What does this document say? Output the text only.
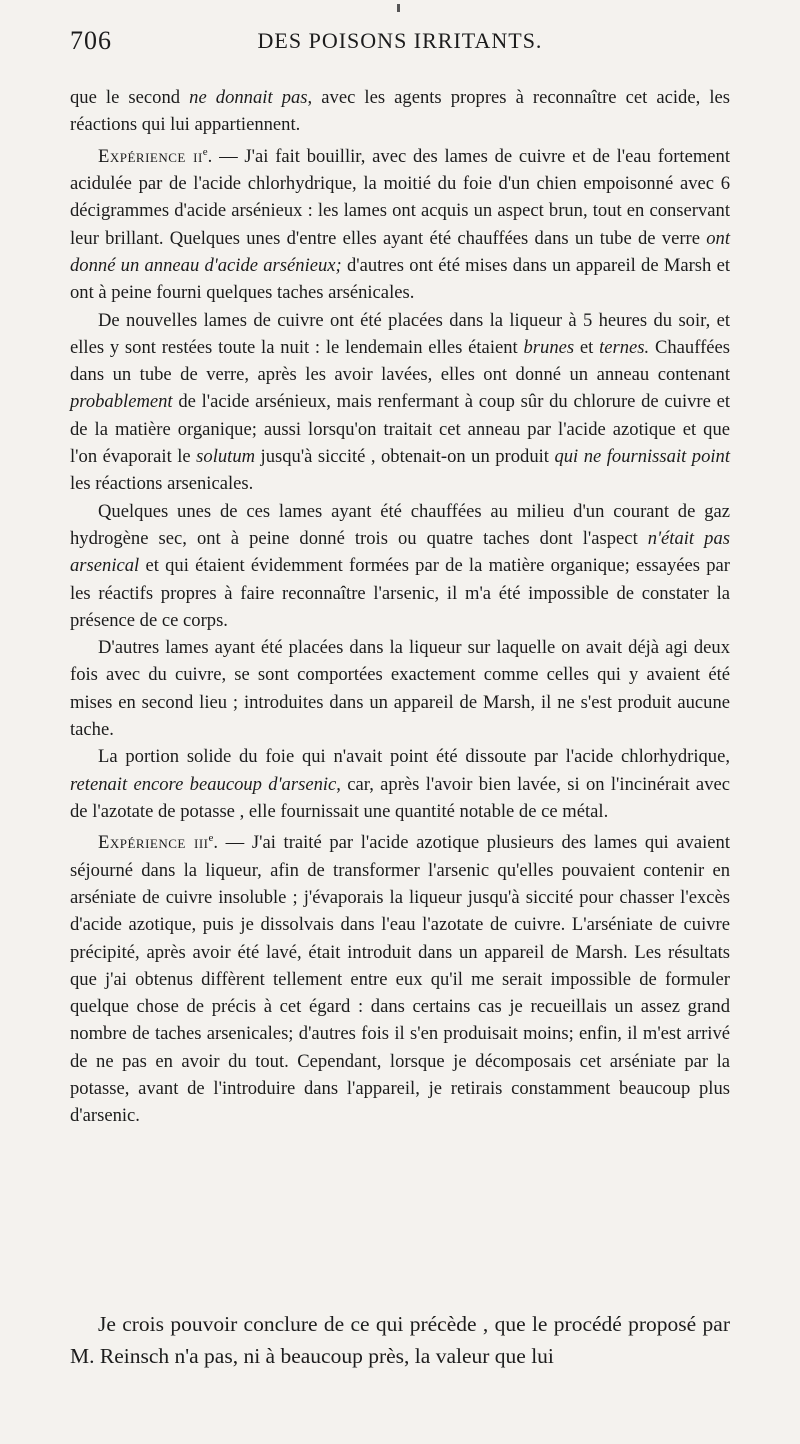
706	DES POISONS IRRITANTS.

que le second ne donnait pas, avec les agents propres à reconnaître cet acide, les réactions qui lui appartiennent.

Expérience $ii^e$. — J'ai fait bouillir, avec des lames de cuivre et de l'eau fortement acidulée par de l'acide chlorhydrique, la moitié du foie d'un chien empoisonné avec 6 décigrammes d'acide arsénieux : les lames ont acquis un aspect brun, tout en conservant leur brillant. Quelques unes d'entre elles ayant été chauffées dans un tube de verre ont donné un anneau d'acide arsénieux; d'autres ont été mises dans un appareil de Marsh et ont à peine fourni quelques taches arsénicales.

De nouvelles lames de cuivre ont été placées dans la liqueur à 5 heures du soir, et elles y sont restées toute la nuit : le lendemain elles étaient brunes et ternes. Chauffées dans un tube de verre, après les avoir lavées, elles ont donné un anneau contenant probablement de l'acide arsénieux, mais renfermant à coup sûr du chlorure de cuivre et de la matière organique; aussi lorsqu'on traitait cet anneau par l'acide azotique et que l'on évaporait le solutum jusqu'à siccité , obtenait-on un produit qui ne fournissait point les réactions arsenicales.

Quelques unes de ces lames ayant été chauffées au milieu d'un courant de gaz hydrogène sec, ont à peine donné trois ou quatre taches dont l'aspect n'était pas arsenical et qui étaient évidemment formées par de la matière organique; essayées par les réactifs propres à faire reconnaître l'arsenic, il m'a été impossible de constater la présence de ce corps.

D'autres lames ayant été placées dans la liqueur sur laquelle on avait déjà agi deux fois avec du cuivre, se sont comportées exactement comme celles qui y avaient été mises en second lieu ; introduites dans un appareil de Marsh, il ne s'est produit aucune tache.

La portion solide du foie qui n'avait point été dissoute par l'acide chlorhydrique, retenait encore beaucoup d'arsenic, car, après l'avoir bien lavée, si on l'incinérait avec de l'azotate de potasse , elle fournissait une quantité notable de ce métal.

Expérience iii$^e$. — J'ai traité par l'acide azotique plusieurs des lames qui avaient séjourné dans la liqueur, afin de transformer l'arsenic qu'elles pouvaient contenir en arséniate de cuivre insoluble ; j'évaporais la liqueur jusqu'à siccité pour chasser l'excès d'acide azotique, puis je dissolvais dans l'eau l'azotate de cuivre. L'arséniate de cuivre précipité, après avoir été lavé, était introduit dans un appareil de Marsh. Les résultats que j'ai obtenus diffèrent tellement entre eux qu'il me serait impossible de formuler quelque chose de précis à cet égard : dans certains cas je recueillais un assez grand nombre de taches arsenicales; d'autres fois il s'en produisait moins; enfin, il m'est arrivé de ne pas en avoir du tout. Cependant, lorsque je décomposais cet arséniate par la potasse, avant de l'introduire dans l'appareil, je retirais constamment beaucoup plus d'arsenic.

Je crois pouvoir conclure de ce qui précède , que le procédé proposé par M. Reinsch n'a pas, ni à beaucoup près, la valeur que lui
